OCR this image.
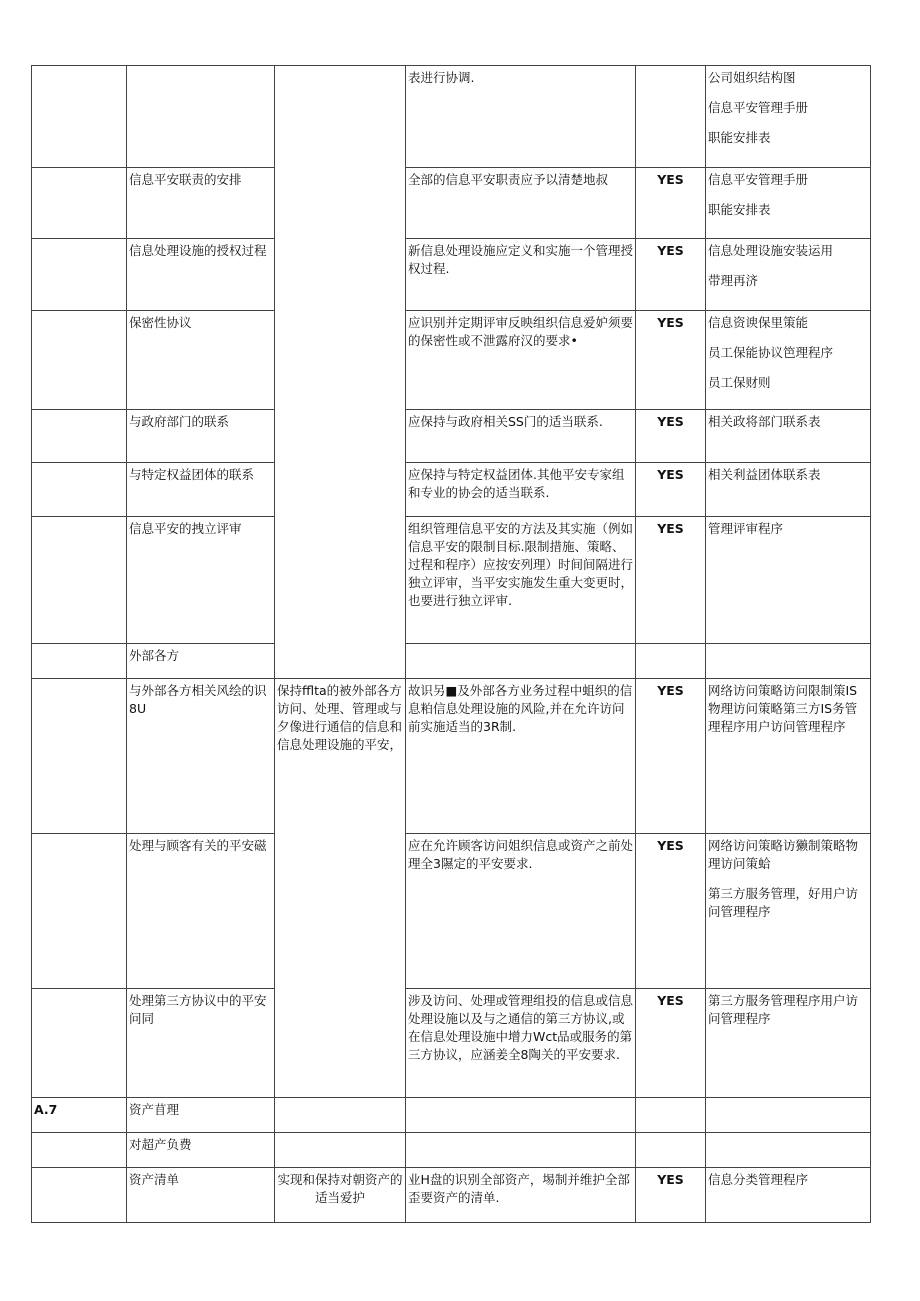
			表进行协调.		公司姐织结构图
信息平安管理手册
职能安排表

	信息平安联责的安排		全部的信息平安职责应予以清楚地叔	YES	信息平安管理手册
职能安排表

	信息处理设施的授权过程		新信息处理设施应定义和实施一个管理授权过程.	YES	信息处理设施安装运用
带理再济

	保密性协议		应识别并定期评审反映组织信息爱妒须要的保密性或不泄露府汉的要求•	YES	信息资谀保里策能
员工保能协议笆理程序
员工保财则

	与政府部门的联系		应保持与政府相关SS门的适当联系.	YES	相关政将部门联系表

	与特定权益团体的联系		应保持与特定权益团体.其他平安专家组和专业的协会的适当联系.	YES	相关利益团体联系表

	信息平安的拽立评审		组织管理信息平安的方法及其实施（例如信息平安的限制目标.限制措施、策略、过程和程序）应按安列理）时间间隔进行独立评审，当平安实施发生重大变更时，也要进行独立评审.	YES	管理评审程序

	外部各方				
	与外部各方相关风绘的识8U	保持fflta的被外部各方访问、处理、管理或与夕像进行通信的信息和信息处理设施的平安，	故识另■及外部各方业务过程中蛆织的信息粕信息处理设施的风险,并在允许访问前实施适当的3R制.	YES	网络访问策略访问限制策IS物理访问策略第三方IS务管理程序用户访问管理程序

	处理与顾客有关的平安磁		应在允许顾客访问姐织信息或资产之前处理全3隰定的平安要求.	YES	网络访问策略访獭制策略物理访问策蛤
第三方服务管理，好用户访问管理程序

	处理第三方协议中的平安问同		涉及访问、处理或管理组投的信息或信息处理设施以及与之通信的第三方协议,或在信息处理设施中增力Wct品或服务的第三方协议，应涵姜全8陶关的平安要求.	YES	第三方服务管理程序用户访问管理程序

A.7	资产苜理				
	对超产负费				
	资产清单	实现和保持对朝资产的适当爱护	业H盘的识别全部资产，埸制并维护全部歪要资产的清单.	YES	信息分类管理程序
